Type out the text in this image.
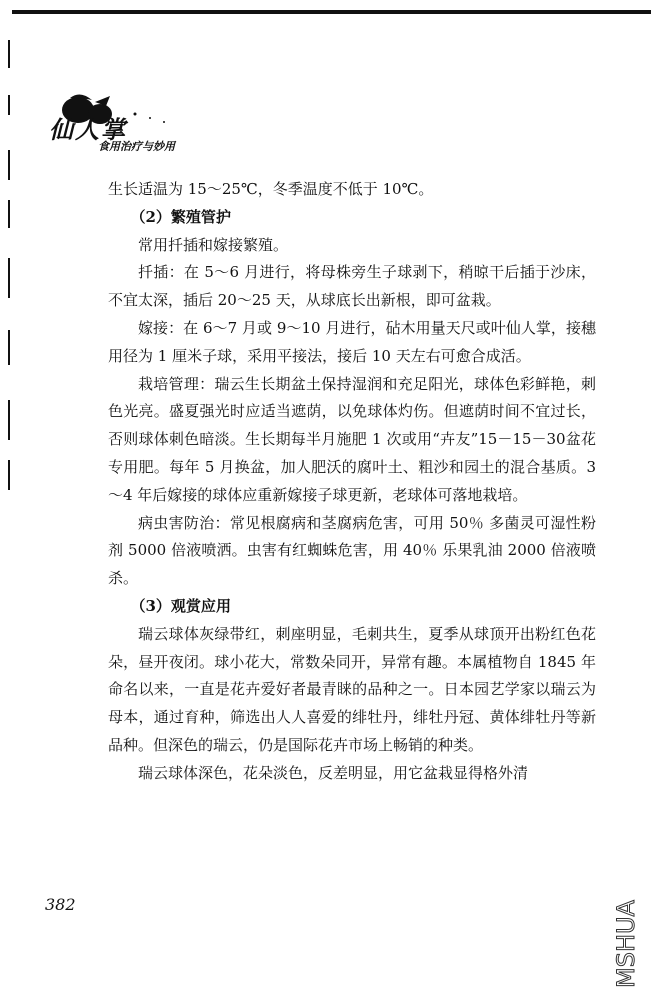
仙人掌
食用治疗与妙用

生长适温为 15～25℃，冬季温度不低于 10℃。

（2）繁殖管护

常用扦插和嫁接繁殖。

扦插：在 5～6 月进行，将母株旁生子球剥下，稍晾干后插于沙床，不宜太深，插后 20～25 天，从球底长出新根，即可盆栽。

嫁接：在 6～7 月或 9～10 月进行，砧木用量天尺或叶仙人掌，接穗用径为 1 厘米子球，采用平接法，接后 10 天左右可愈合成活。

栽培管理：瑞云生长期盆土保持湿润和充足阳光，球体色彩鲜艳，刺色光亮。盛夏强光时应适当遮荫，以免球体灼伤。但遮荫时间不宜过长，否则球体刺色暗淡。生长期每半月施肥 1 次或用“卉友”15－15－30盆花专用肥。每年 5 月换盆，加人肥沃的腐叶土、粗沙和园土的混合基质。3～4 年后嫁接的球体应重新嫁接子球更新，老球体可落地栽培。

病虫害防治：常见根腐病和茎腐病危害，可用 50％ 多菌灵可湿性粉剂 5000 倍液喷洒。虫害有红蜘蛛危害，用 40％ 乐果乳油 2000 倍液喷杀。

（3）观赏应用

瑞云球体灰绿带红，刺座明显，毛刺共生，夏季从球顶开出粉红色花朵，昼开夜闭。球小花大，常数朵同开，异常有趣。本属植物自 1845 年命名以来，一直是花卉爱好者最青睐的品种之一。日本园艺学家以瑞云为母本，通过育种，筛选出人人喜爱的绯牡丹，绯牡丹冠、黄体绯牡丹等新品种。但深色的瑞云，仍是国际花卉市场上畅销的种类。

瑞云球体深色，花朵淡色，反差明显，用它盆栽显得格外清

382	MSHUA
